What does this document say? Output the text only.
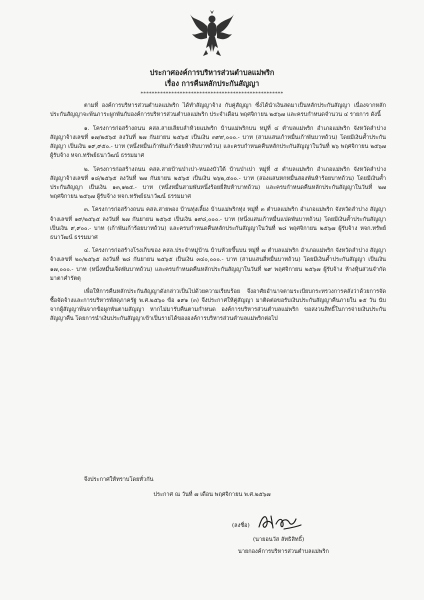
ประกาศองค์การบริหารส่วนตำบลแม่พริก
เรื่อง การคืนหลักประกันสัญญา
***************************************************

ตามที่ องค์การบริหารส่วนตำบลแม่พริก ได้ทำสัญญาจ้าง กับคู่สัญญา ซึ่งได้นำเงินสดมาเป็นหลักประกันสัญญา เนื่องจากหลักประกันสัญญาจะพ้นภาระผูกพันกับองค์การบริหารส่วนตำบลแม่พริก ประจำเดือน พฤศจิกายน ๒๕๖๗ และครบกำหนดจำนวน ๔ รายการ ดังนี้

๑. โครงการก่อสร้างถนน คสล.สายเลียบลำห้วยแม่พริก บ้านแม่พริกบน หมู่ที่ ๔ ตำบลแม่พริก อำเภอแม่พริก จังหวัดลำปาง สัญญาจ้างเลขที่ ๑๗/๒๕๖๕ ลงวันที่ ๒๗ กันยายน ๒๕๖๕ เป็นเงิน ๓๙๙,๐๐๐.- บาท (สามแสนเก้าหมื่นเก้าพันบาทถ้วน) โดยมีเงินค้ำประกันสัญญา เป็นเงิน ๑๙,๙๕๐.- บาท (หนึ่งหมื่นเก้าพันเก้าร้อยห้าสิบบาทถ้วน) และครบกำหนดคืนหลักประกันสัญญาในวันที่ ๒๖ พฤศจิกายน ๒๕๖๗ ผู้รับจ้าง หจก.ทรัพย์ธนาวัฒน์ ธรรมมาศ

๒. โครงการก่อสร้างถนน คสล.สายบ้านป่าเปา-หนองบัวใต้ บ้านป่าเปา หมู่ที่ ๕ ตำบลแม่พริก อำเภอแม่พริก จังหวัดลำปาง สัญญาจ้างเลขที่ ๑๘/๒๕๖๕ ลงวันที่ ๒๗ กันยายน ๒๕๖๕ เป็นเงิน ๒๖๒,๕๐๐.- บาท (สองแสนหกหมื่นสองพันห้าร้อยบาทถ้วน) โดยมีเงินค้ำประกันสัญญา เป็นเงิน ๑๓,๑๒๕.- บาท (หนึ่งหมื่นสามพันหนึ่งร้อยยี่สิบห้าบาทถ้วน) และครบกำหนดคืนหลักประกันสัญญาในวันที่ ๒๗ พฤศจิกายน ๒๕๖๗ ผู้รับจ้าง หจก.ทรัพย์ธนาวัฒน์ ธรรมมาศ

๓. โครงการก่อสร้างถนน คสล.สายพอง บ้านทุ่งเลี้ยง บ้านแม่พริกทุ่ง หมู่ที่ ๓ ตำบลแม่พริก อำเภอแม่พริก จังหวัดลำปาง สัญญาจ้างเลขที่ ๑๙/๒๕๖๕ ลงวันที่ ๒๗ กันยายน ๒๕๖๕ เป็นเงิน ๑๙๘,๐๐๐.- บาท (หนึ่งแสนเก้าหมื่นแปดพันบาทถ้วน) โดยมีเงินค้ำประกันสัญญา เป็นเงิน ๙,๙๐๐.- บาท (เก้าพันเก้าร้อยบาทถ้วน) และครบกำหนดคืนหลักประกันสัญญาในวันที่ ๒๘ พฤศจิกายน ๒๕๖๗ ผู้รับจ้าง หจก.ทรัพย์ธนาวัฒน์ ธรรมมาศ

๔. โครงการก่อสร้างโรงเก็บของ คสล.ประจำหมู่บ้าน บ้านห้วยขึ้นบน หมู่ที่ ๗ ตำบลแม่พริก อำเภอแม่พริก จังหวัดลำปาง สัญญาจ้างเลขที่ ๒๐/๒๕๖๕ ลงวันที่ ๒๘ กันยายน ๒๕๖๕ เป็นเงิน ๓๔๐,๐๐๐.- บาท (สามแสนสี่หมื่นบาทถ้วน) โดยมีเงินค้ำประกันสัญญา เป็นเงิน ๑๗,๐๐๐.- บาท (หนึ่งหมื่นเจ็ดพันบาทถ้วน) และครบกำหนดคืนหลักประกันสัญญาในวันที่ ๒๙ พฤศจิกายน ๒๕๖๗ ผู้รับจ้าง ห้างหุ้นส่วนจำกัด มาตาคำรัตตุ

เพื่อให้การคืนหลักประกันสัญญาดังกล่าวเป็นไปด้วยความเรียบร้อย จึงอาศัยอำนาจตามระเบียบกระทรวงการคลังว่าด้วยการจัดซื้อจัดจ้างและการบริหารพัสดุภาครัฐ พ.ศ.๒๕๖๐ ข้อ ๑๙๑ (๓) จึงประกาศให้คู่สัญญา มาติดต่อขอรับเงินประกันสัญญาคืนภายใน ๑๕ วัน นับจากผู้สัญญาพ้นจากข้อผูกพันตามสัญญา หากไม่มารับคืนตามกำหนด องค์การบริหารส่วนตำบลแม่พริก ขอสงวนสิทธิ์ในการจ่ายเงินประกันสัญญาคืน โดยการนำเงินประกันสัญญาเข้าเป็นรายได้ขององค์การบริหารส่วนตำบลแม่พริกต่อไป

จึงประกาศให้ทราบโดยทั่วกัน
ประกาศ ณ วันที่ ๗ เดือน พฤศจิกายน พ.ศ.๒๕๖๗
(ลงชื่อ)
(นายอนวัส ลัทธิสิทธิ์)
นายกองค์การบริหารส่วนตำบลแม่พริก
